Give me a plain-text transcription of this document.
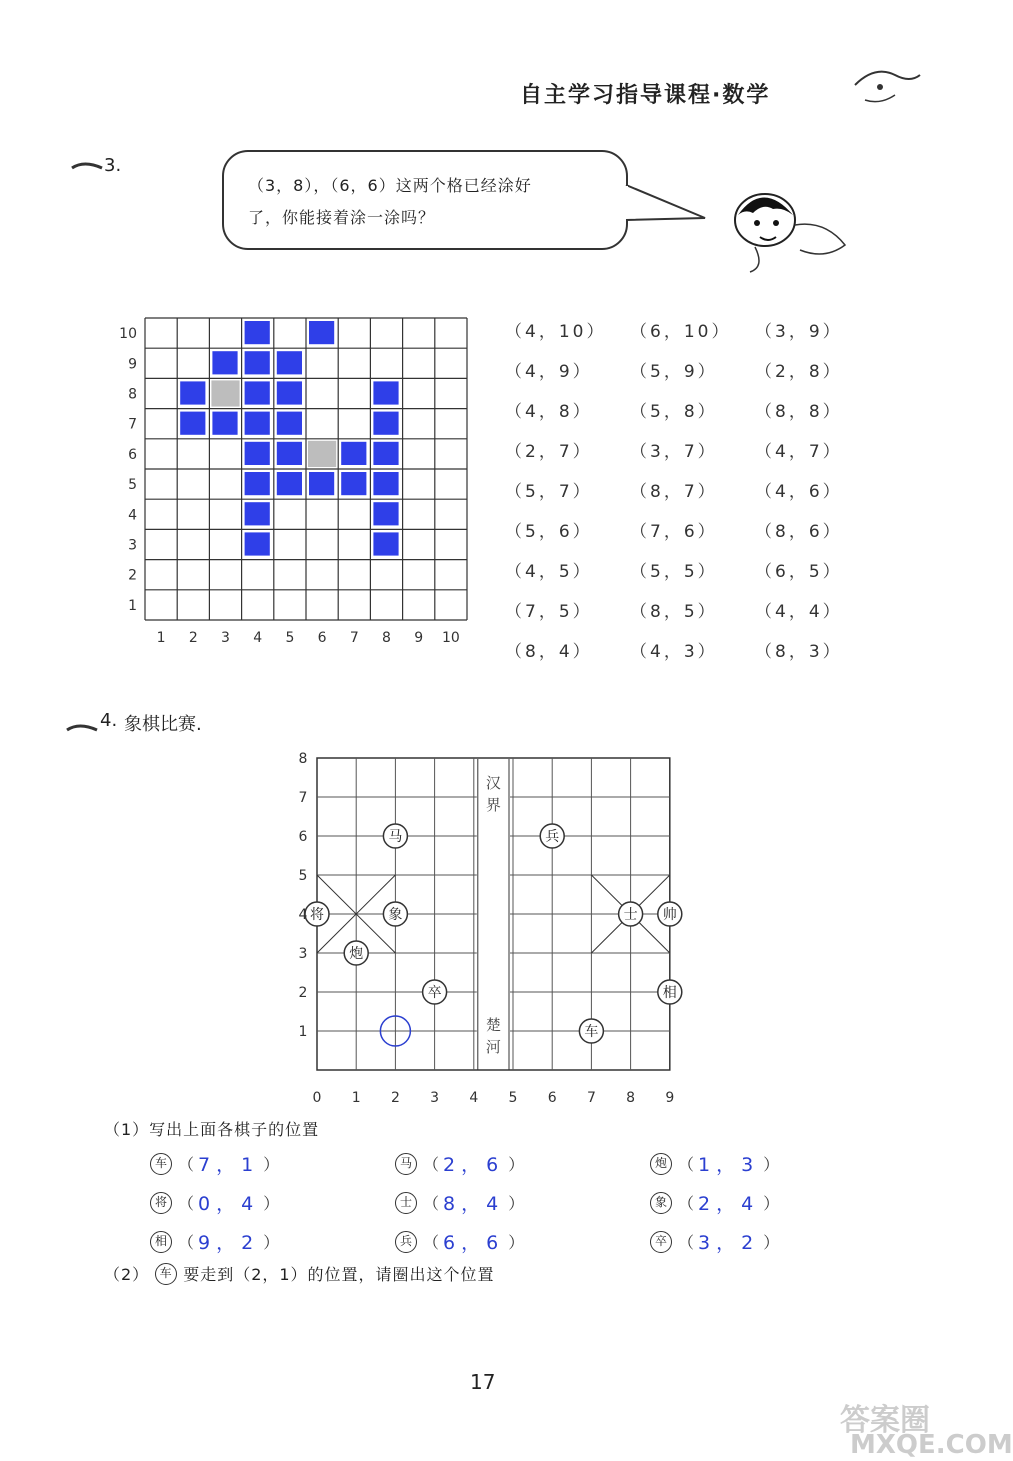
自主学习指导课程·数学
3.
（3，8），（6，6）这两个格已经涂好
了，你能接着涂一涂吗？
1 2 3 4 5 6 7 8 9 10
10
9
8
7
6
5
4
3
2
1
（4，10）	（6，10）	（3，9）
（4，9）	（5，9）	（2，8）
（4，8）	（5，8）	（8，8）
（2，7）	（3，7）	（4，7）
（5，7）	（8，7）	（4，6）
（5，6）	（7，6）	（8，6）
（4，5）	（5，5）	（6，5）
（7，5）	（8，5）	（4，4）
（8，4）	（4，3）	（8，3）
4. 象棋比赛.
汉
界
楚
河
马	兵
将	象	士 帅
炮
卒	相
车
0 1 2 3 4 5 6 7 8 9
8
7
6
5
4
3
2
1
（1）写出上面各棋子的位置
车 （ 7，1 ）	马 （ 2，6 ）	炮 （ 1，3 ）
将 （ 0，4 ）	士 （ 8，4 ）	象 （ 2，4 ）
相 （ 9，2 ）	兵 （ 6，6 ）	卒 （ 3，2 ）
（2） 车 要走到（2，1）的位置，请圈出这个位置
17
答案圈
MXQE.COM
